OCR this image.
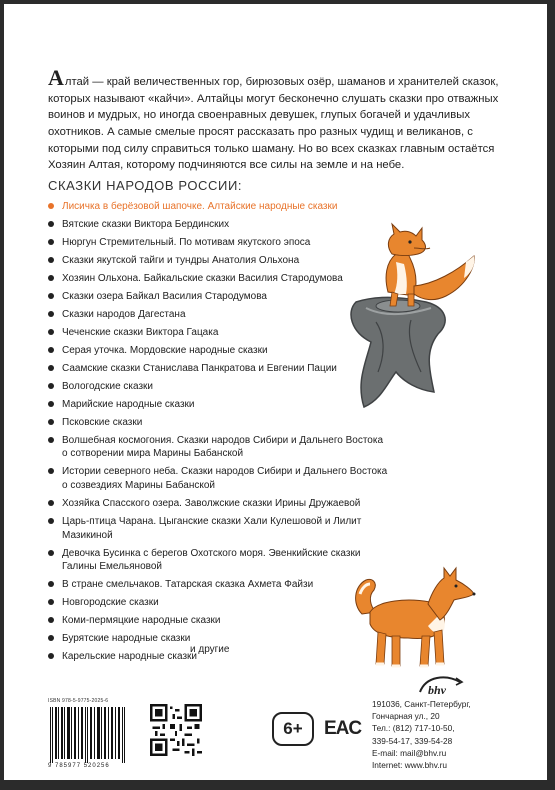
Алтай — край величественных гор, бирюзовых озёр, шаманов и хранителей сказок, которых называют «кайчи». Алтайцы могут бесконечно слушать сказки про отважных воинов и мудрых, но иногда своенравных девушек, глупых богачей и удачливых охотников. А самые смелые просят рассказать про разных чудищ и великанов, с которыми под силу справиться только шаману. Но во всех сказках главным остаётся Хозяин Алтая, которому подчиняются все силы на земле и на небе.

СКАЗКИ НАРОДОВ РОССИИ:
Лисичка в берёзовой шапочке. Алтайские народные сказки
Вятские сказки Виктора Бердинских
Нюргун Стремительный. По мотивам якутского эпоса
Сказки якутской тайги и тундры Анатолия Ольхона
Хозяин Ольхона. Байкальские сказки Василия Стародумова
Сказки озера Байкал Василия Стародумова
Сказки народов Дагестана
Чеченские сказки Виктора Гацака
Серая уточка. Мордовские народные сказки
Саамские сказки Станислава Панкратова и Евгении Пации
Вологодские сказки
Марийские народные сказки
Псковские сказки
Волшебная космогония. Сказки народов Сибири и Дальнего Востока о сотворении мира Марины Бабанской
Истории северного неба. Сказки народов Сибири и Дальнего Востока о созвездиях Марины Бабанской
Хозяйка Спасского озера. Заволжские сказки Ирины Дружаевой
Царь-птица Чарана. Цыганские сказки Хали Кулешовой и Лилит Мазикиной
Девочка Бусинка с берегов Охотского моря. Эвенкийские сказки Галины Емельяновой
В стране смельчаков. Татарская сказка Ахмета Файзи
Новгородские сказки
Коми-пермяцкие народные сказки
Бурятские народные сказки
Карельские народные сказки
и другие
ISBN 978-5-9775-2025-6
9 785977 520256
6+	EAC
bhv
191036, Санкт-Петербург,
Гончарная ул., 20
Тел.: (812) 717-10-50,
339-54-17, 339-54-28
E-mail: mail@bhv.ru
Internet: www.bhv.ru
